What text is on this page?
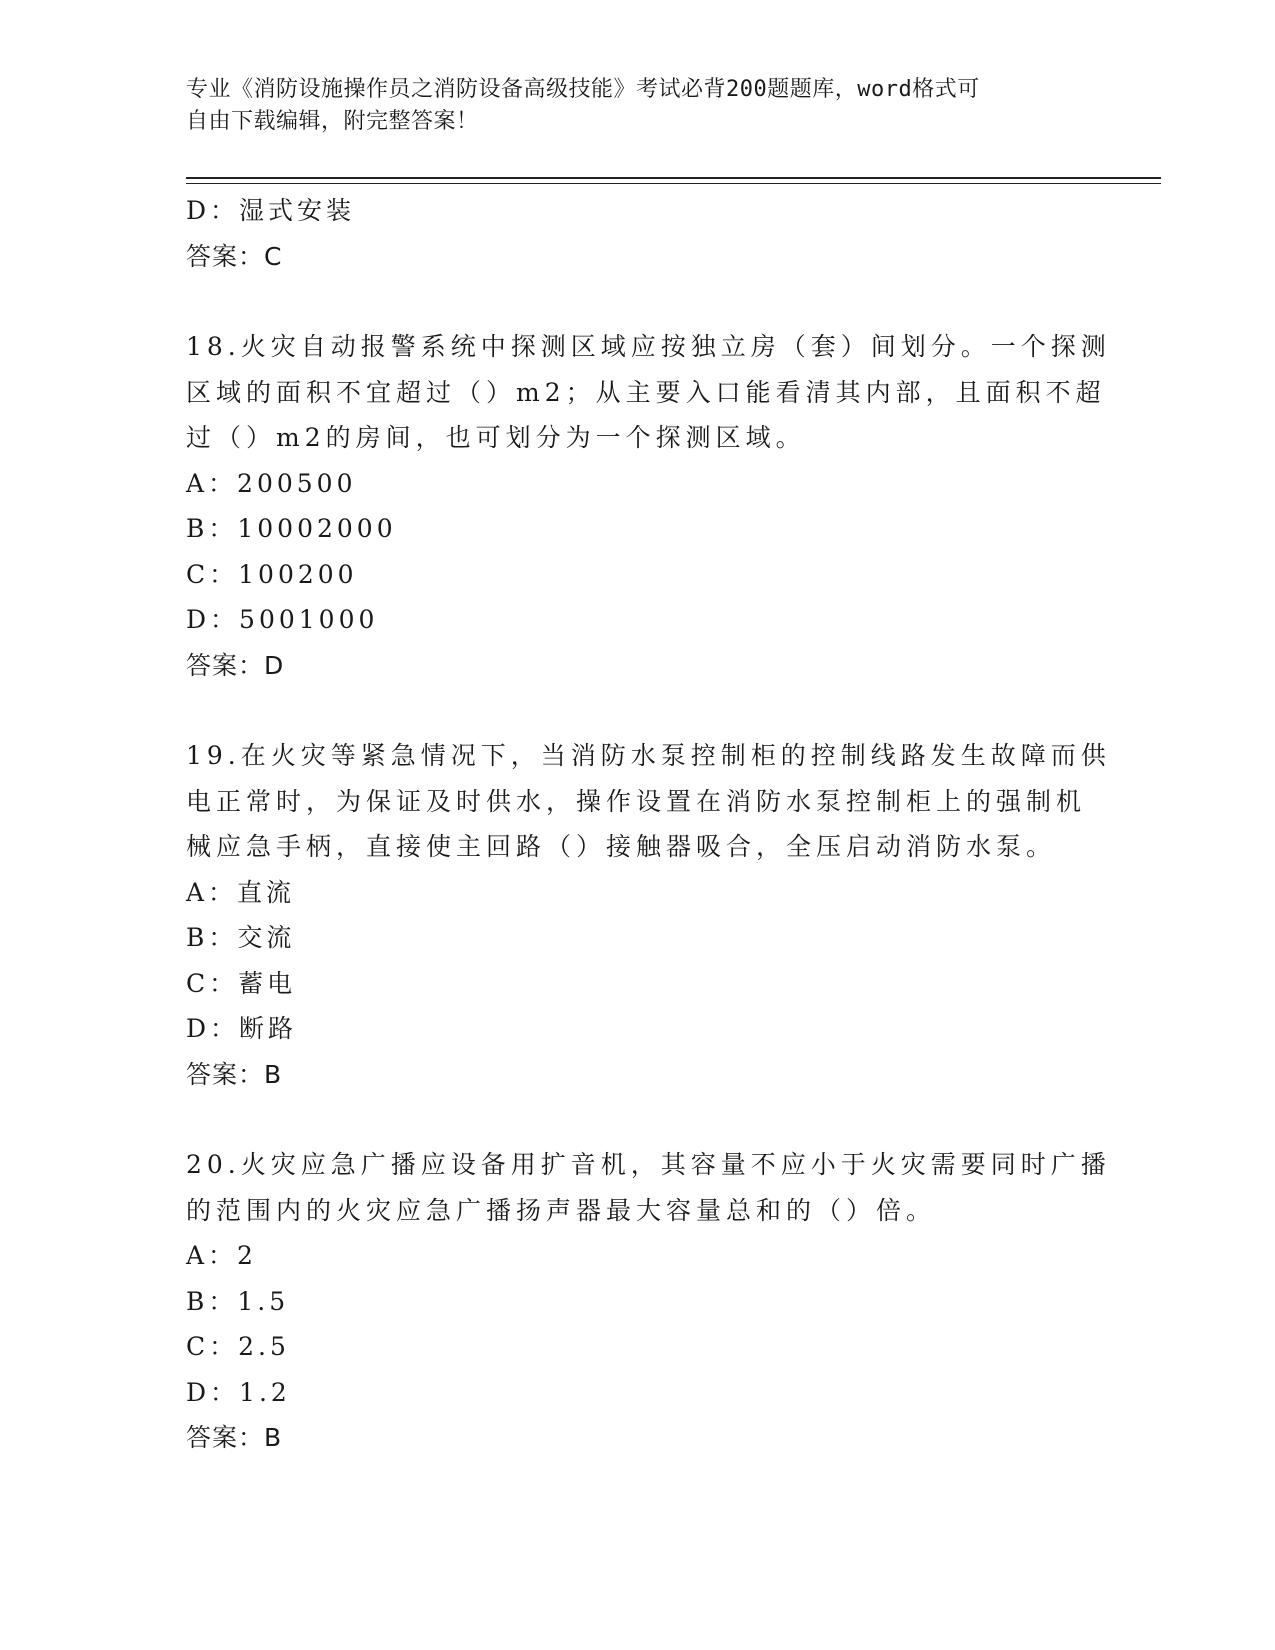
专业《消防设施操作员之消防设备高级技能》考试必背200题题库，word格式可
自由下载编辑，附完整答案！
D：湿式安装
答案：C
18.火灾自动报警系统中探测区域应按独立房（套）间划分。一个探测
区域的面积不宜超过（）m2；从主要入口能看清其内部，且面积不超
过（）m2的房间，也可划分为一个探测区域。
A：200500
B：10002000
C：100200
D：5001000
答案：D
19.在火灾等紧急情况下，当消防水泵控制柜的控制线路发生故障而供
电正常时，为保证及时供水，操作设置在消防水泵控制柜上的强制机
械应急手柄，直接使主回路（）接触器吸合，全压启动消防水泵。
A：直流
B：交流
C：蓄电
D：断路
答案：B
20.火灾应急广播应设备用扩音机，其容量不应小于火灾需要同时广播
的范围内的火灾应急广播扬声器最大容量总和的（）倍。
A：2
B：1.5
C：2.5
D：1.2
答案：B
